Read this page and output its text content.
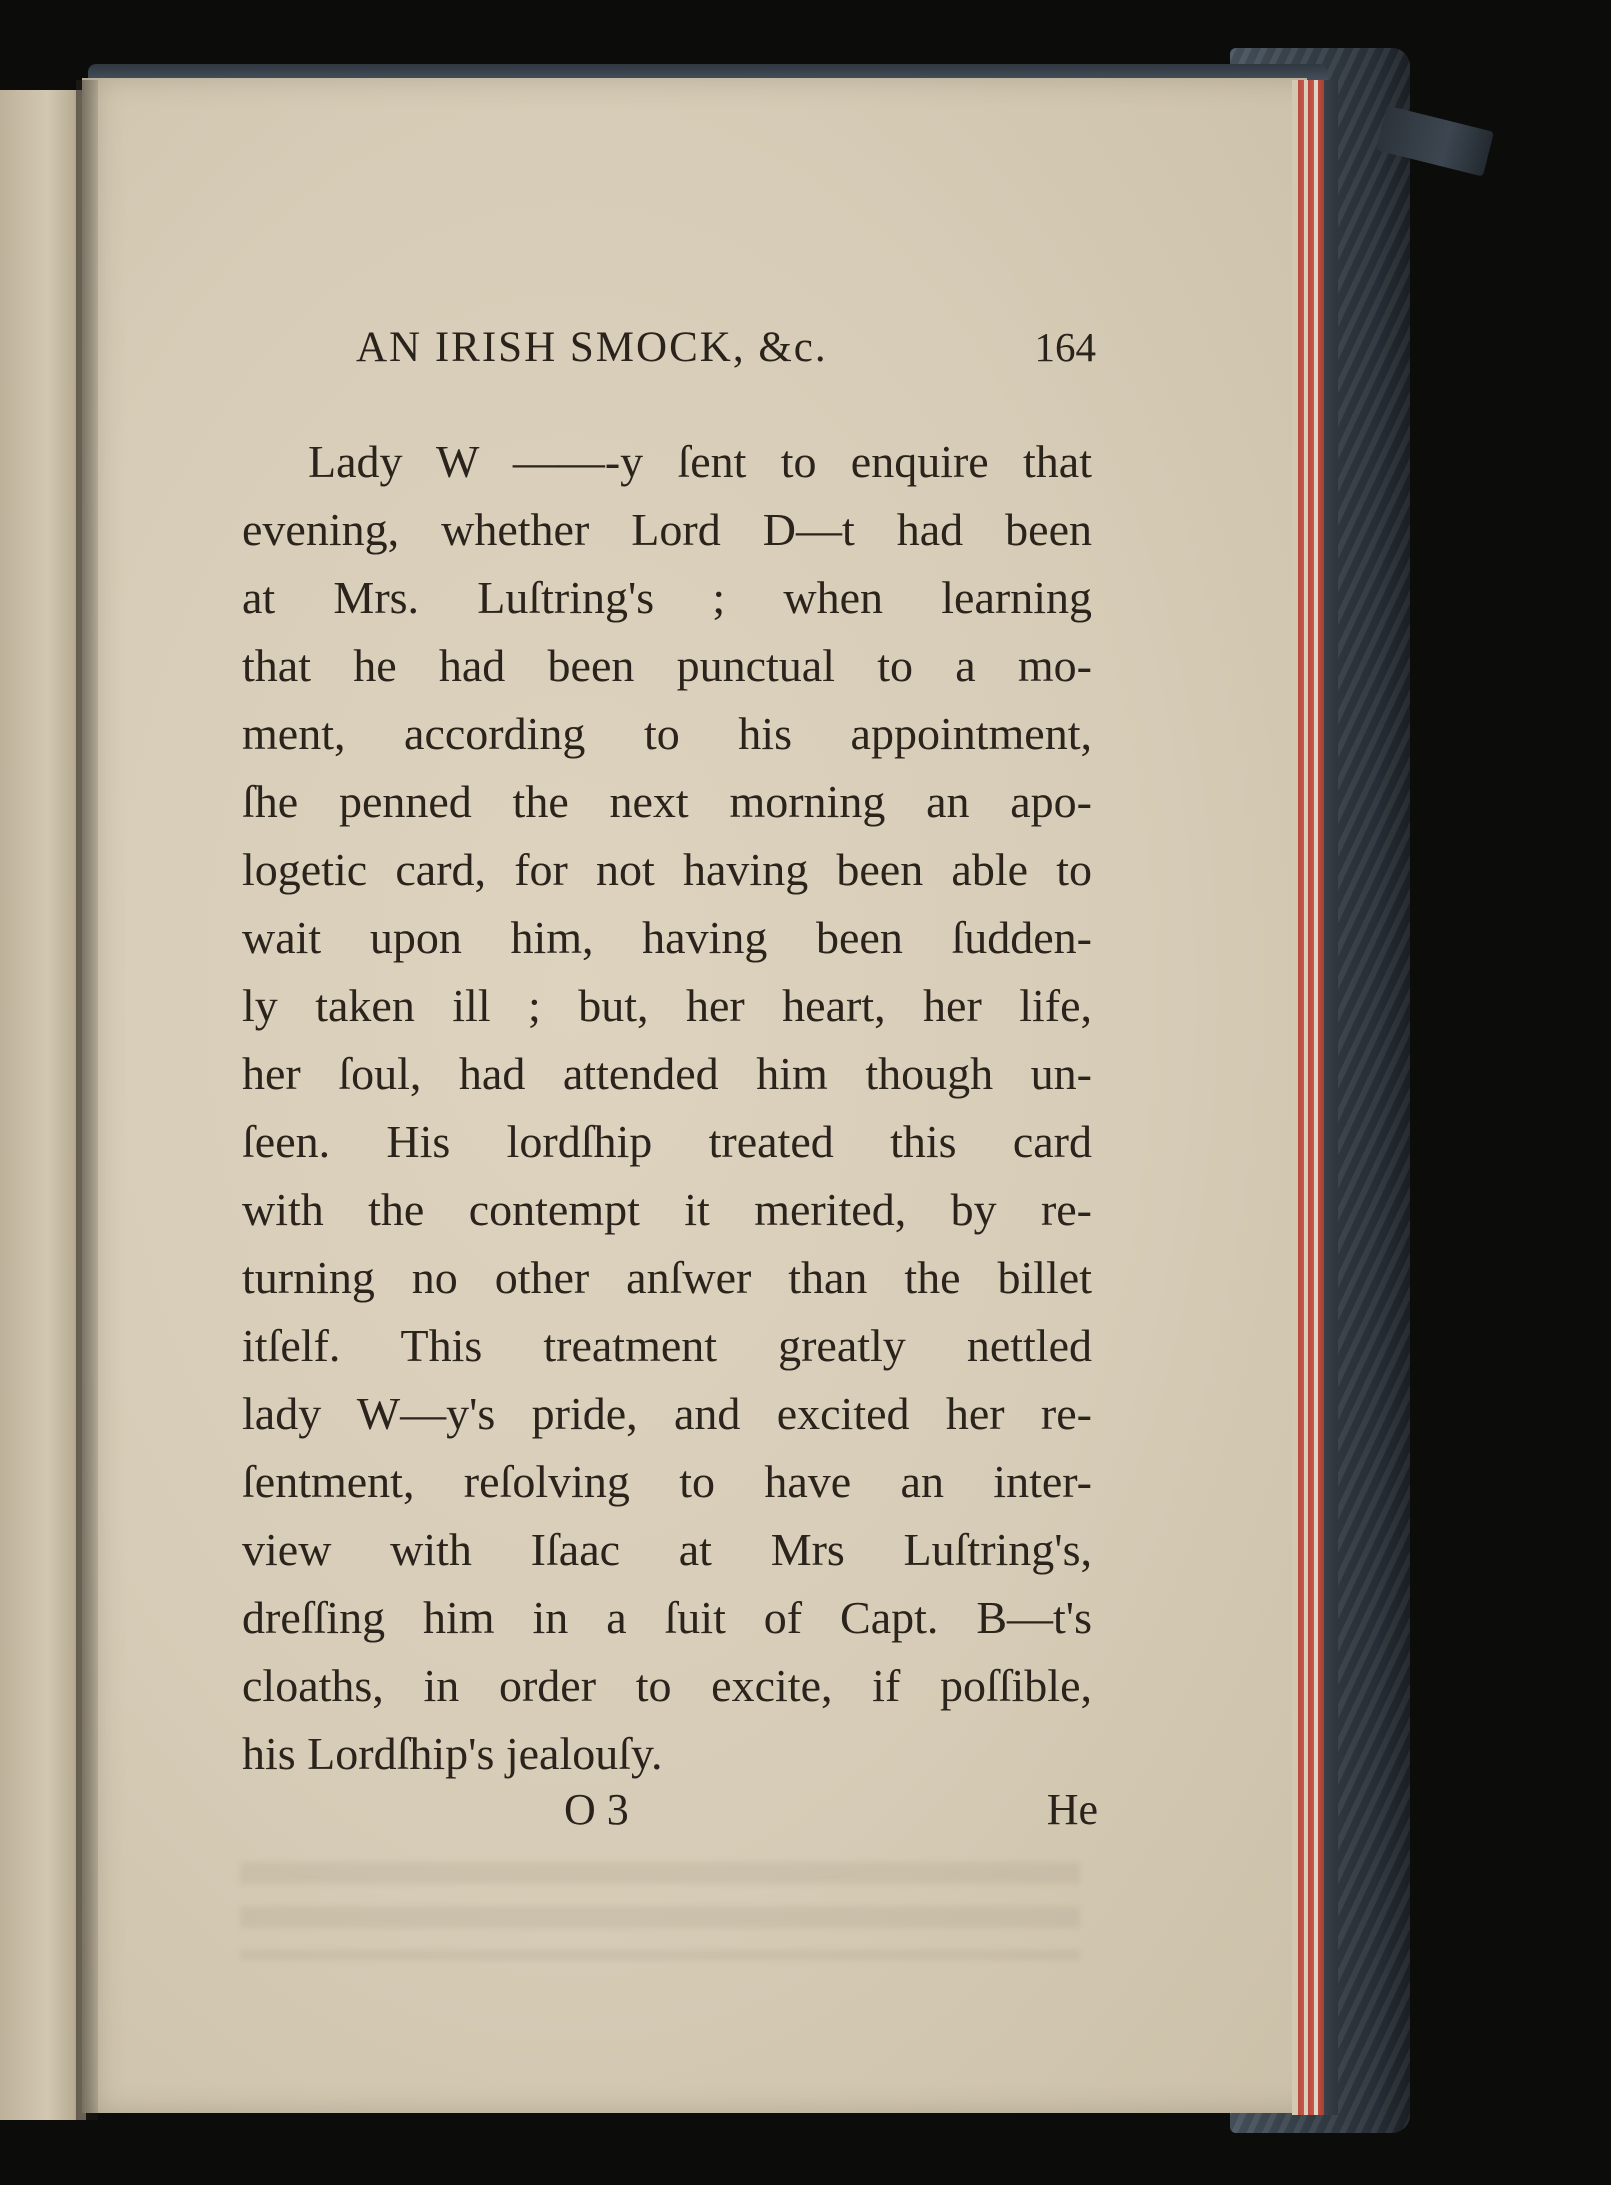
AN IRISH SMOCK, &c.	164
Lady W ——-y ſent to enquire that
evening, whether Lord D—t had been
at Mrs. Luſtring's ; when learning
that he had been punctual to a mo-
ment, according to his appointment,
ſhe penned the next morning an apo-
logetic card, for not having been able to
wait upon him, having been ſudden-
ly taken ill ; but, her heart, her life,
her ſoul, had attended him though un-
ſeen. His lordſhip treated this card
with the contempt it merited, by re-
turning no other anſwer than the billet
itſelf. This treatment greatly nettled
lady W—y's pride, and excited her re-
ſentment, reſolving to have an inter-
view with Iſaac at Mrs Luſtring's,
dreſſing him in a ſuit of Capt. B—t's
cloaths, in order to excite, if poſſible,
his Lordſhip's jealouſy.
O 3	He
